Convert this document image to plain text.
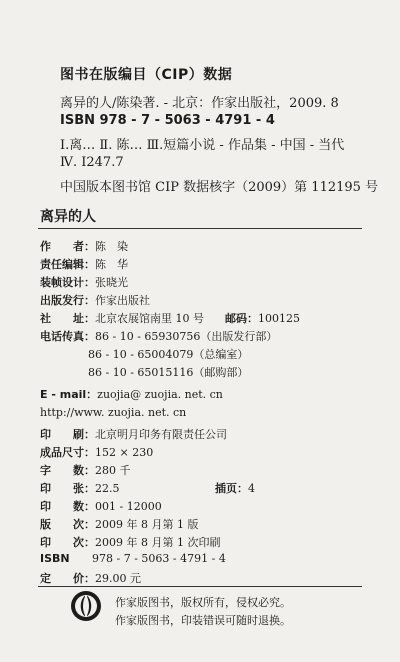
图书在版编目（CIP）数据
离异的人/陈染著. - 北京：作家出版社，2009. 8
ISBN 978 - 7 - 5063 - 4791 - 4
Ⅰ.离… Ⅱ. 陈… Ⅲ.短篇小说 - 作品集 - 中国 - 当代
Ⅳ. I247.7
中国版本图书馆 CIP 数据核字（2009）第 112195 号
离异的人
作　　者：陈　染
责任编辑：陈　华
装帧设计：张晓光
出版发行：作家出版社
社　　址：北京农展馆南里 10 号 邮码：100125
电话传真：86 - 10 - 65930756（出版发行部）
86 - 10 - 65004079（总编室）
86 - 10 - 65015116（邮购部）
E - mail：zuojia@ zuojia. net. cn
http://www. zuojia. net. cn
印　　刷：北京明月印务有限责任公司
成品尺寸：152 × 230
字　　数：280 千
印　　张：22.5	插页：4
印　　数：001 - 12000
版　　次：2009 年 8 月第 1 版
印　　次：2009 年 8 月第 1 次印刷
ISBN 978 - 7 - 5063 - 4791 - 4
定　　价：29.00 元
作家版图书，版权所有，侵权必究。
作家版图书，印装错误可随时退换。
